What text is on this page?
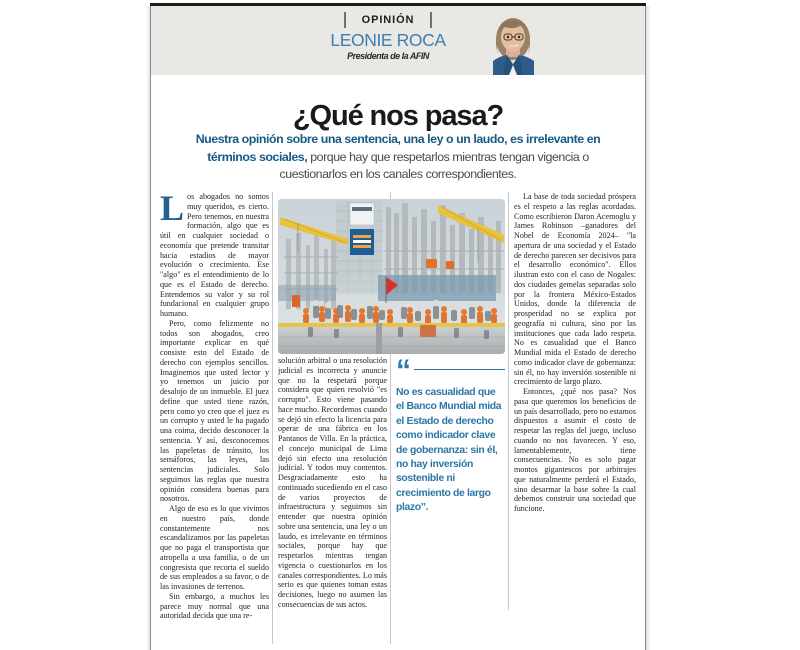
OPINIÓN
LEONIE ROCA
Presidenta de la AFIN
¿Qué nos pasa?
Nuestra opinión sobre una sentencia, una ley o un laudo, es irrelevante en términos sociales, porque hay que respetarlos mientras tengan vigencia o cuestionarlos en los canales correspondientes.

Los abogados no somos muy queridos, es cierto. Pero tenemos, en nuestra formación, algo que es útil en cualquier sociedad o economía que pretende transitar hacia estadios de mayor evolución o crecimiento. Ese "algo" es el entendimiento de lo que es el Estado de derecho. Entendemos su valor y su rol fundacional en cualquier grupo humano.

Pero, como felizmente no todos son abogados, creo importante explicar en qué consiste esto del Estado de derecho con ejemplos sencillos. Imaginemos que usted lector y yo tenemos un juicio por desalojo de un inmueble. El juez define que usted tiene razón, pero como yo creo que el juez es un corrupto y usted le ha pagado una coima, decido desconocer la sentencia. Y así, desconocemos las papeletas de tránsito, los semáforos, las leyes, las sentencias judiciales. Solo seguimos las reglas que nuestra opinión considera buenas para nosotros.

Algo de eso es lo que vivimos en nuestro país, donde constantemente nos escandalizamos por las papeletas que no paga el transportista que atropella a una familia, o de un congresista que recorta el sueldo de sus empleados a su favor, o de las invasiones de terrenos.

Sin embargo, a muchos les parece muy normal que una autoridad decida que una re-

solución arbitral o una resolución judicial es incorrecta y anuncie que no la respetará porque considera que quien resolvió "es corrupto". Esto viene pasando hace mucho. Recordemos cuando se dejó sin efecto la licencia para operar de una fábrica en los Pantanos de Villa. En la práctica, el concejo municipal de Lima dejó sin efecto una resolución judicial. Y todos muy contentos. Desgraciadamente esto ha continuado sucediendo en el caso de varios proyectos de infraestructura y seguimos sin entender que nuestra opinión sobre una sentencia, una ley o un laudo, es irrelevante en términos sociales, porque hay que respetarlos mientras tengan vigencia o cuestionarlos en los canales correspondientes. Lo más serio es que quienes toman estas decisiones, luego no asumen las consecuencias de sus actos.

La base de toda sociedad próspera es el respeto a las reglas acordadas. Como escribieron Daron Acemoglu y James Robinson –ganadores del Nobel de Economía 2024– "la apertura de una sociedad y el Estado de derecho parecen ser decisivos para el desarrollo económico". Ellos ilustran esto con el caso de Nogales: dos ciudades gemelas separadas solo por la frontera México-Estados Unidos, donde la diferencia de prosperidad no se explica por geografía ni cultura, sino por las instituciones que cada lado respeta. No es casualidad que el Banco Mundial mida el Estado de derecho como indicador clave de gobernanza: sin él, no hay inversión sostenible ni crecimiento de largo plazo.

Entonces, ¿qué nos pasa? Nos pasa que queremos los beneficios de un país desarrollado, pero no estamos dispuestos a asumir el costo de respetar las reglas del juego, incluso cuando no nos favorecen. Y eso, lamentablemente, tiene consecuencias. No es solo pagar montos gigantescos por arbitrajes que naturalmente perderá el Estado, sino desarmar la base sobre la cual debemos construir una sociedad que funcione.

“
No es casualidad que el Banco Mundial mida el Estado de derecho como indicador clave de gobernanza: sin él, no hay inversión sostenible ni crecimiento de largo plazo”.
